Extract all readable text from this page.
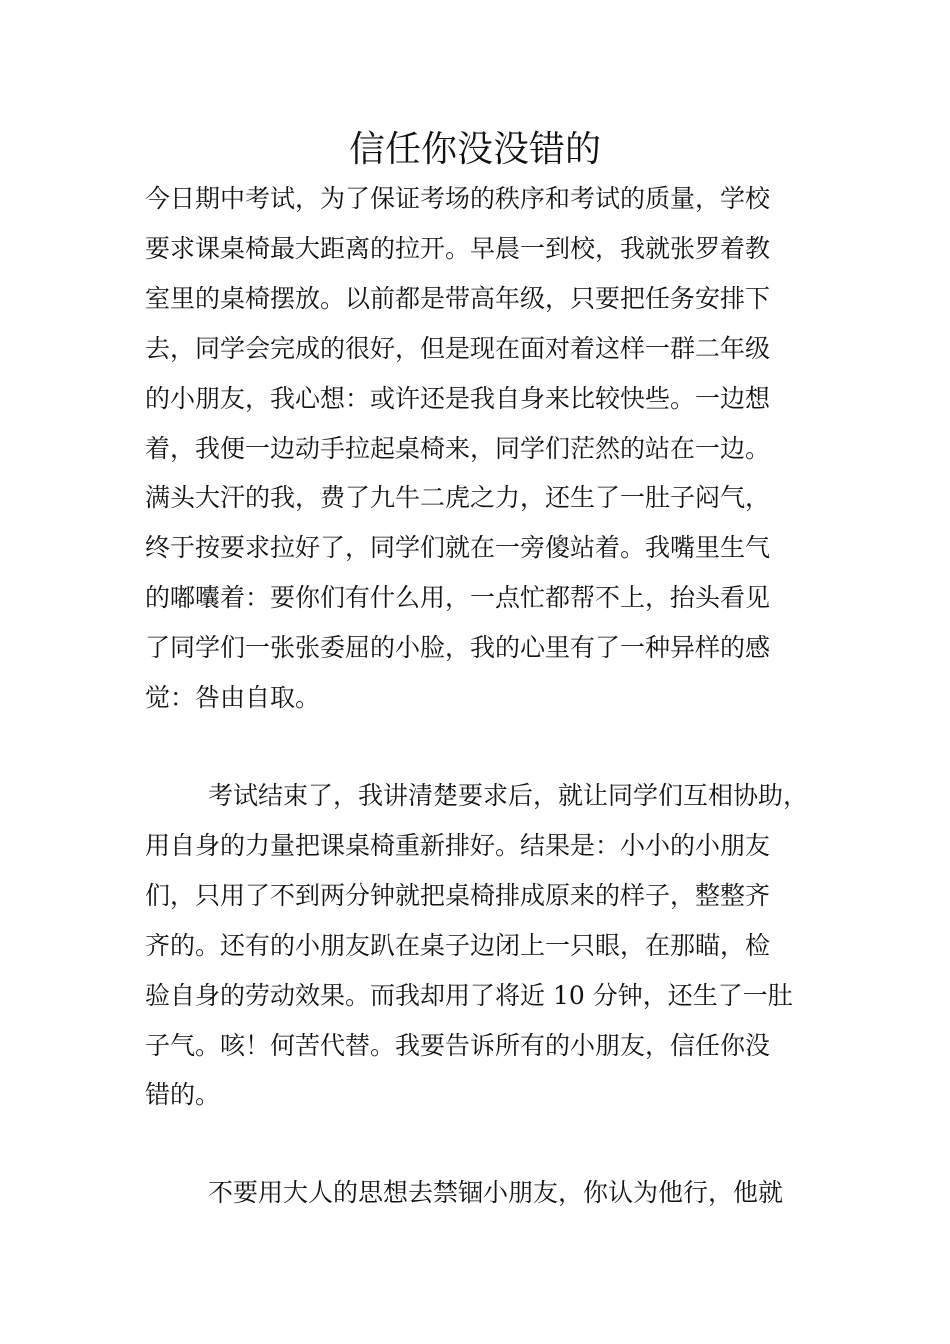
信任你没没错的

今日期中考试，为了保证考场的秩序和考试的质量，学校

要求课桌椅最大距离的拉开。早晨一到校，我就张罗着教

室里的桌椅摆放。以前都是带高年级，只要把任务安排下

去，同学会完成的很好，但是现在面对着这样一群二年级

的小朋友，我心想：或许还是我自身来比较快些。一边想

着，我便一边动手拉起桌椅来，同学们茫然的站在一边。

满头大汗的我，费了九牛二虎之力，还生了一肚子闷气，

终于按要求拉好了，同学们就在一旁傻站着。我嘴里生气

的嘟囔着：要你们有什么用，一点忙都帮不上，抬头看见

了同学们一张张委屈的小脸，我的心里有了一种异样的感

觉：咎由自取。

考试结束了，我讲清楚要求后，就让同学们互相协助，

用自身的力量把课桌椅重新排好。结果是：小小的小朋友

们，只用了不到两分钟就把桌椅排成原来的样子，整整齐

齐的。还有的小朋友趴在桌子边闭上一只眼，在那瞄，检

验自身的劳动效果。而我却用了将近 10 分钟，还生了一肚

子气。咳！何苦代替。我要告诉所有的小朋友，信任你没

错的。

不要用大人的思想去禁锢小朋友，你认为他行，他就
